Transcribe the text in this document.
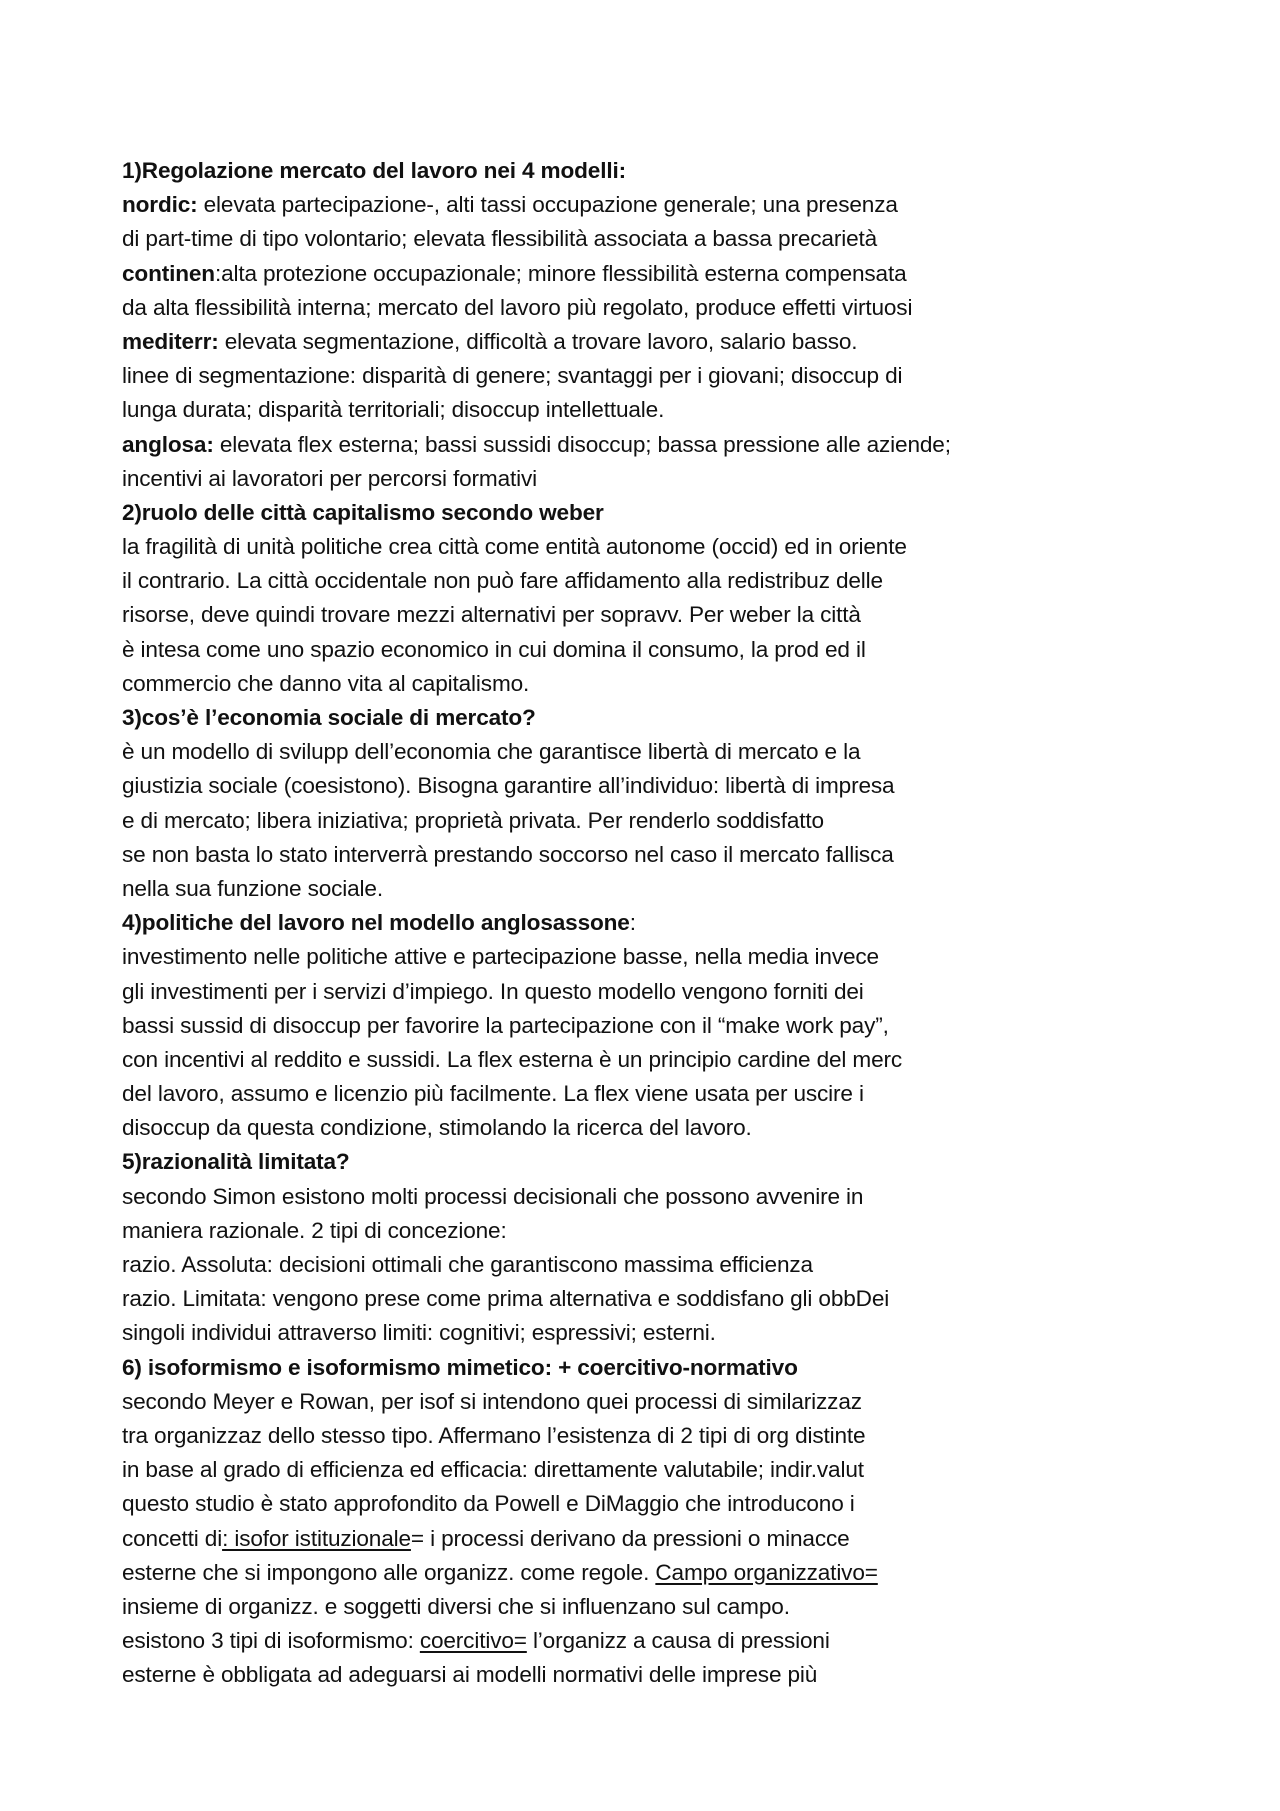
1)Regolazione mercato del lavoro nei 4 modelli:
nordic: elevata partecipazione-, alti tassi occupazione generale; una presenza
di part-time di tipo volontario; elevata flessibilità associata a bassa precarietà
continen:alta protezione occupazionale; minore flessibilità esterna compensata
da alta flessibilità interna; mercato del lavoro più regolato, produce effetti virtuosi
mediterr: elevata segmentazione, difficoltà a trovare lavoro, salario basso.
linee di segmentazione: disparità di genere; svantaggi per i giovani; disoccup di
lunga durata; disparità territoriali; disoccup intellettuale.
anglosa: elevata flex esterna; bassi sussidi disoccup; bassa pressione alle aziende;
incentivi ai lavoratori per percorsi formativi
2)ruolo delle città capitalismo secondo weber
la fragilità di unità politiche crea città come entità autonome (occid) ed in oriente
il contrario. La città occidentale non può fare affidamento alla redistribuz delle
risorse, deve quindi trovare mezzi alternativi per sopravv. Per weber la città
è intesa come uno spazio economico in cui domina il consumo, la prod ed il
commercio che danno vita al capitalismo.
3)cos’è l’economia sociale di mercato?
è un modello di svilupp dell’economia che garantisce libertà di mercato e la
giustizia sociale (coesistono). Bisogna garantire all’individuo: libertà di impresa
e di mercato; libera iniziativa; proprietà privata. Per renderlo soddisfatto
se non basta lo stato interverrà prestando soccorso nel caso il mercato fallisca
nella sua funzione sociale.
4)politiche del lavoro nel modello anglosassone:
investimento nelle politiche attive e partecipazione basse, nella media invece
gli investimenti per i servizi d’impiego. In questo modello vengono forniti dei
bassi sussid di disoccup per favorire la partecipazione con il “make work pay”,
con incentivi al reddito e sussidi. La flex esterna è un principio cardine del merc
del lavoro, assumo e licenzio più facilmente. La flex viene usata per uscire i
disoccup da questa condizione, stimolando la ricerca del lavoro.
5)razionalità limitata?
secondo Simon esistono molti processi decisionali che possono avvenire in
maniera razionale. 2 tipi di concezione:
razio. Assoluta: decisioni ottimali che garantiscono massima efficienza
razio. Limitata: vengono prese come prima alternativa e soddisfano gli obbDei
singoli individui attraverso limiti: cognitivi; espressivi; esterni.
6) isoformismo e isoformismo mimetico: + coercitivo-normativo
secondo Meyer e Rowan, per isof si intendono quei processi di similarizzaz
tra organizzaz dello stesso tipo. Affermano l’esistenza di 2 tipi di org distinte
in base al grado di efficienza ed efficacia: direttamente valutabile; indir.valut
questo studio è stato approfondito da Powell e DiMaggio che introducono i
concetti di: isofor istituzionale= i processi derivano da pressioni o minacce
esterne che si impongono alle organizz. come regole. Campo organizzativo=
insieme di organizz. e soggetti diversi che si influenzano sul campo.
esistono 3 tipi di isoformismo: coercitivo= l’organizz a causa di pressioni
esterne è obbligata ad adeguarsi ai modelli normativi delle imprese più
